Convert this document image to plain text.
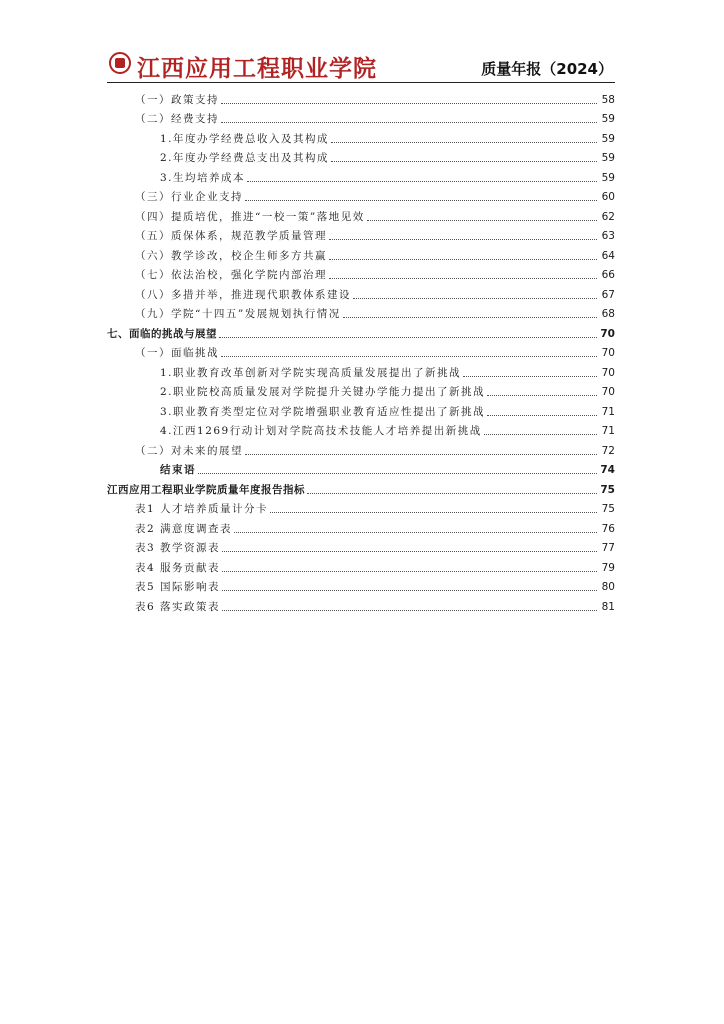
江西应用工程职业学院	质量年报（2024）
（一）政策支持	58
（二）经费支持	59
1.年度办学经费总收入及其构成	59
2.年度办学经费总支出及其构成	59
3.生均培养成本	59
（三）行业企业支持	60
（四）提质培优，推进“一校一策”落地见效	62
（五）质保体系，规范教学质量管理	63
（六）教学诊改，校企生师多方共赢	64
（七）依法治校，强化学院内部治理	66
（八）多措并举，推进现代职教体系建设	67
（九）学院“十四五”发展规划执行情况	68
七、面临的挑战与展望	70
（一）面临挑战	70
1.职业教育改革创新对学院实现高质量发展提出了新挑战	70
2.职业院校高质量发展对学院提升关键办学能力提出了新挑战	70
3.职业教育类型定位对学院增强职业教育适应性提出了新挑战	71
4.江西1269行动计划对学院高技术技能人才培养提出新挑战	71
（二）对未来的展望	72
结束语	74
江西应用工程职业学院质量年度报告指标	75
表1 人才培养质量计分卡	75
表2 满意度调查表	76
表3 教学资源表	77
表4 服务贡献表	79
表5 国际影响表	80
表6 落实政策表	81
